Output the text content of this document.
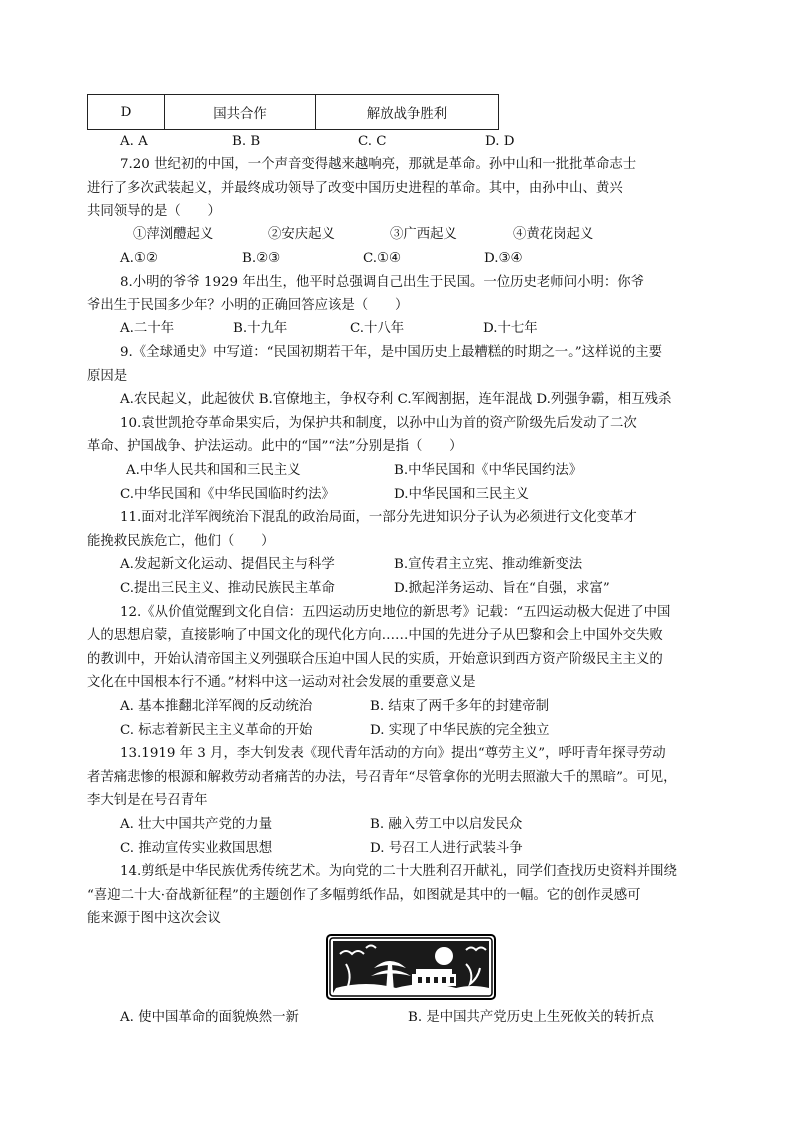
D	国共合作	解放战争胜利
A. A	B. B	C. C	D. D
7.20 世纪初的中国，一个声音变得越来越响亮，那就是革命。孙中山和一批批革命志士
进行了多次武装起义，并最终成功领导了改变中国历史进程的革命。其中，由孙中山、黄兴
共同领导的是（　　）
①萍浏醴起义	②安庆起义	③广西起义	④黄花岗起义
A.①②	B.②③	C.①④	D.③④
8.小明的爷爷 1929 年出生，他平时总强调自己出生于民国。一位历史老师问小明：你爷
爷出生于民国多少年？小明的正确回答应该是（　　）
A.二十年	B.十九年	C.十八年	D.十七年
9.《全球通史》中写道：“民国初期若干年，是中国历史上最糟糕的时期之一。”这样说的主要
原因是
A.农民起义，此起彼伏 B.官僚地主，争权夺利 C.军阀割据，连年混战 D.列强争霸，相互残杀
10.袁世凯抢夺革命果实后，为保护共和制度，以孙中山为首的资产阶级先后发动了二次
革命、护国战争、护法运动。此中的“国”“法”分别是指（　　）
A.中华人民共和国和三民主义	B.中华民国和《中华民国约法》
C.中华民国和《中华民国临时约法》	D.中华民国和三民主义
11.面对北洋军阀统治下混乱的政治局面，一部分先进知识分子认为必须进行文化变革才
能挽救民族危亡，他们（　　）
A.发起新文化运动、提倡民主与科学	B.宣传君主立宪、推动维新变法
C.提出三民主义、推动民族民主革命	D.掀起洋务运动、旨在“自强，求富”
12.《从价值觉醒到文化自信：五四运动历史地位的新思考》记载：“五四运动极大促进了中国
人的思想启蒙，直接影响了中国文化的现代化方向……中国的先进分子从巴黎和会上中国外交失败
的教训中，开始认清帝国主义列强联合压迫中国人民的实质，开始意识到西方资产阶级民主主义的
文化在中国根本行不通。”材料中这一运动对社会发展的重要意义是
A. 基本推翻北洋军阀的反动统治	B. 结束了两千多年的封建帝制
C. 标志着新民主主义革命的开始	D. 实现了中华民族的完全独立
13.1919 年 3 月，李大钊发表《现代青年活动的方向》提出“尊劳主义”，呼吁青年探寻劳动
者苦痛悲惨的根源和解救劳动者痛苦的办法，号召青年“尽管拿你的光明去照澈大千的黑暗”。可见，
李大钊是在号召青年
A. 壮大中国共产党的力量	B. 融入劳工中以启发民众
C. 推动宣传实业救国思想	D. 号召工人进行武装斗争
14.剪纸是中华民族优秀传统艺术。为向党的二十大胜利召开献礼，同学们查找历史资料并围绕
“喜迎二十大·奋战新征程”的主题创作了多幅剪纸作品，如图就是其中的一幅。它的创作灵感可
能来源于图中这次会议
A. 使中国革命的面貌焕然一新	B. 是中国共产党历史上生死攸关的转折点
